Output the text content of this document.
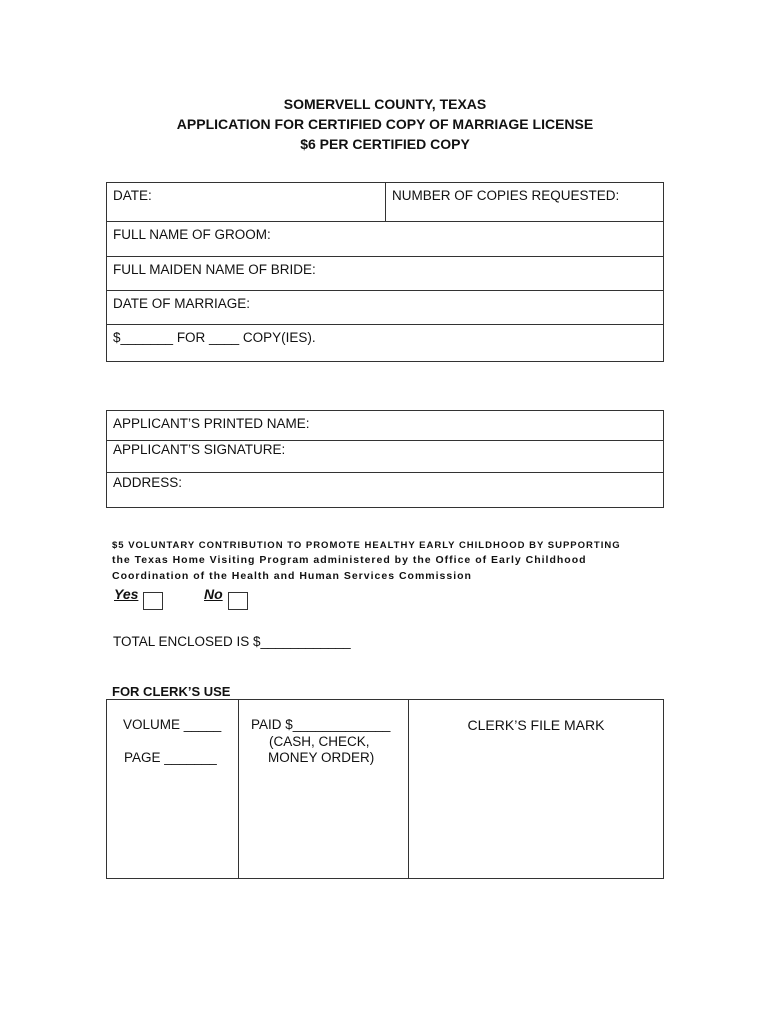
SOMERVELL COUNTY, TEXAS
APPLICATION FOR CERTIFIED COPY OF MARRIAGE LICENSE
$6 PER CERTIFIED COPY
DATE:	NUMBER OF COPIES REQUESTED:
FULL NAME OF GROOM:
FULL MAIDEN NAME OF BRIDE:
DATE OF MARRIAGE:
$_______ FOR ____ COPY(IES).
APPLICANT’S PRINTED NAME:
APPLICANT’S SIGNATURE:
ADDRESS:
$5 VOLUNTARY CONTRIBUTION TO PROMOTE HEALTHY EARLY CHILDHOOD BY SUPPORTING
the Texas Home Visiting Program administered by the Office of Early Childhood
Coordination of the Health and Human Services Commission
Yes	No
TOTAL ENCLOSED IS $____________
FOR CLERK’S USE
VOLUME _____
PAGE _______
PAID $_____________
(CASH, CHECK,
MONEY ORDER)
CLERK’S FILE MARK
